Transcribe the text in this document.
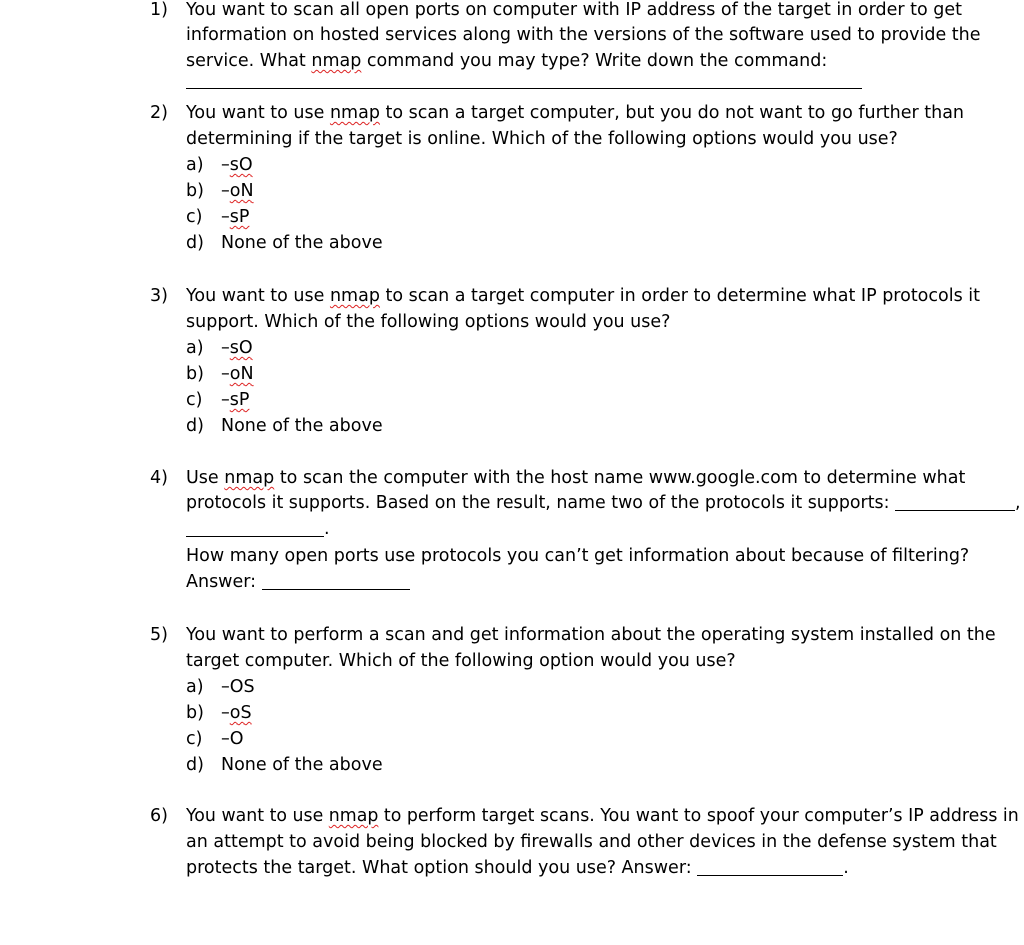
1) You want to scan all open ports on computer with IP address of the target in order to get
information on hosted services along with the versions of the software used to provide the
service. What nmap command you may type? Write down the command:
2) You want to use nmap to scan a target computer, but you do not want to go further than
determining if the target is online. Which of the following options would you use?
a) –sO
b) –oN
c) –sP
d) None of the above
3) You want to use nmap to scan a target computer in order to determine what IP protocols it
support. Which of the following options would you use?
a) –sO
b) –oN
c) –sP
d) None of the above
4) Use nmap to scan the computer with the host name www.google.com to determine what
protocols it supports. Based on the result, name two of the protocols it supports:	,
.
How many open ports use protocols you can’t get information about because of filtering?
Answer:
5) You want to perform a scan and get information about the operating system installed on the
target computer. Which of the following option would you use?
a) –OS
b) –oS
c) –O
d) None of the above
6) You want to use nmap to perform target scans. You want to spoof your computer’s IP address in
an attempt to avoid being blocked by firewalls and other devices in the defense system that
protects the target. What option should you use? Answer:	.
